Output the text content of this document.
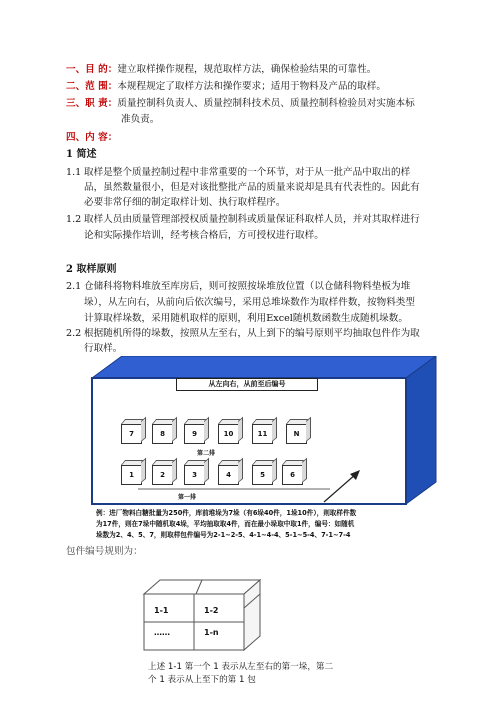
一、目 的：建立取样操作规程，规范取样方法，确保检验结果的可靠性。
二、范 围：本规程规定了取样方法和操作要求；适用于物料及产品的取样。
三、职 责：质量控制科负责人、质量控制科技术员、质量控制科检验员对实施本标
准负责。
四、内 容：
1 简述
1.1 取样是整个质量控制过程中非常重要的一个环节，对于从一批产品中取出的样
品，虽然数量很小，但是对该批整批产品的质量来说却是具有代表性的。因此有
必要非常仔细的制定取样计划、执行取样程序。
1.2 取样人员由质量管理部授权质量控制科或质量保证科取样人员，并对其取样进行
论和实际操作培训，经考核合格后，方可授权进行取样。
2 取样原则
2.1 仓储科将物料堆放至库房后，则可按照按垛堆放位置（以仓储科物料垫板为堆
垛），从左向右，从前向后依次编号，采用总堆垛数作为取样件数，按物料类型
计算取样垛数，采用随机取样的原则，利用Excel随机数函数生成随机垛数。
2.2 根据随机所得的垛数，按照从左至右，从上到下的编号原则平均抽取包件作为取
行取样。
从左向右，从前至后编号
7	8	9	10	11	N
第二排
1	2	3	4	5	6
第一排
例：进厂物料白糖批量为250件，库前堆垛为7垛（有6垛40件，1垛10件），则取样件数
为17件，则在7垛中随机取4垛，平均抽取取4件，而在最小垛取中取1件，编号：如随机
垛数为2、4、5、7，则取样包件编号为2-1~2-5、4-1~4-4、5-1~5-4、7-1~7-4
包件编号规则为：
1-1	1-2
……	1-n
上述 1-1 第一个 1 表示从左至右的第一垛，第二
个 1 表示从上至下的第 1 包
